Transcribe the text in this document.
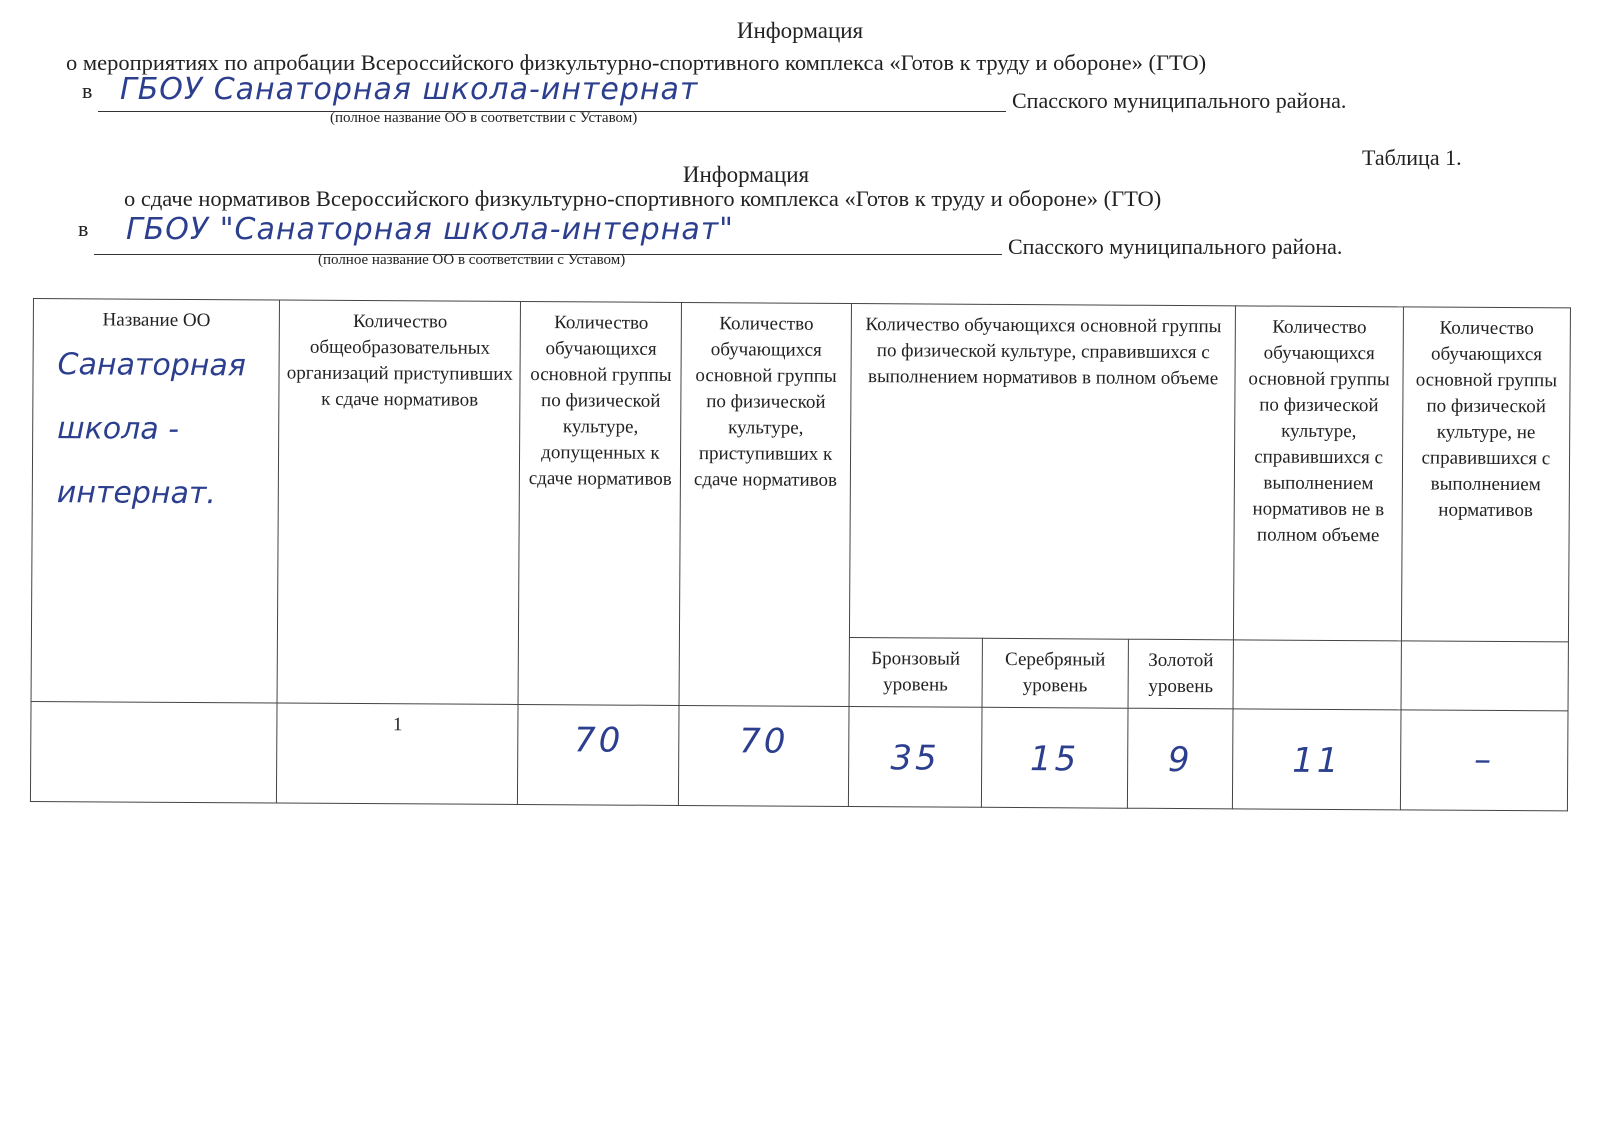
Информация
о мероприятиях по апробации Всероссийского физкультурно-спортивного комплекса «Готов к труду и обороне» (ГТО)
в ГБОУ Санаторная школа-интернат	Спасского муниципального района.
(полное название ОО в соответствии с Уставом)
Таблица 1.
Информация
о сдаче нормативов Всероссийского физкультурно-спортивного комплекса «Готов к труду и обороне» (ГТО)
в ГБОУ "Санаторная школа-интернат"	Спасского муниципального района.
(полное название ОО в соответствии с Уставом)
Название ОО
Санаторная
школа -
интернат.	Количество общеобразовательных организаций приступивших к сдаче нормативов	Количество обучающихся основной группы по физической культуре, допущенных к сдаче нормативов	Количество обучающихся основной группы по физической культуре, приступивших к сдаче нормативов	Количество обучающихся основной группы по физической культуре, справившихся с выполнением нормативов в полном объеме			Количество обучающихся основной группы по физической культуре, справившихся с выполнением нормативов не в полном объеме	Количество обучающихся основной группы по физической культуре, не справившихся с выполнением нормативов
				Бронзовый уровень	Серебряный уровень	Золотой уровень		
	1	70	70	35	15	9	11	–
